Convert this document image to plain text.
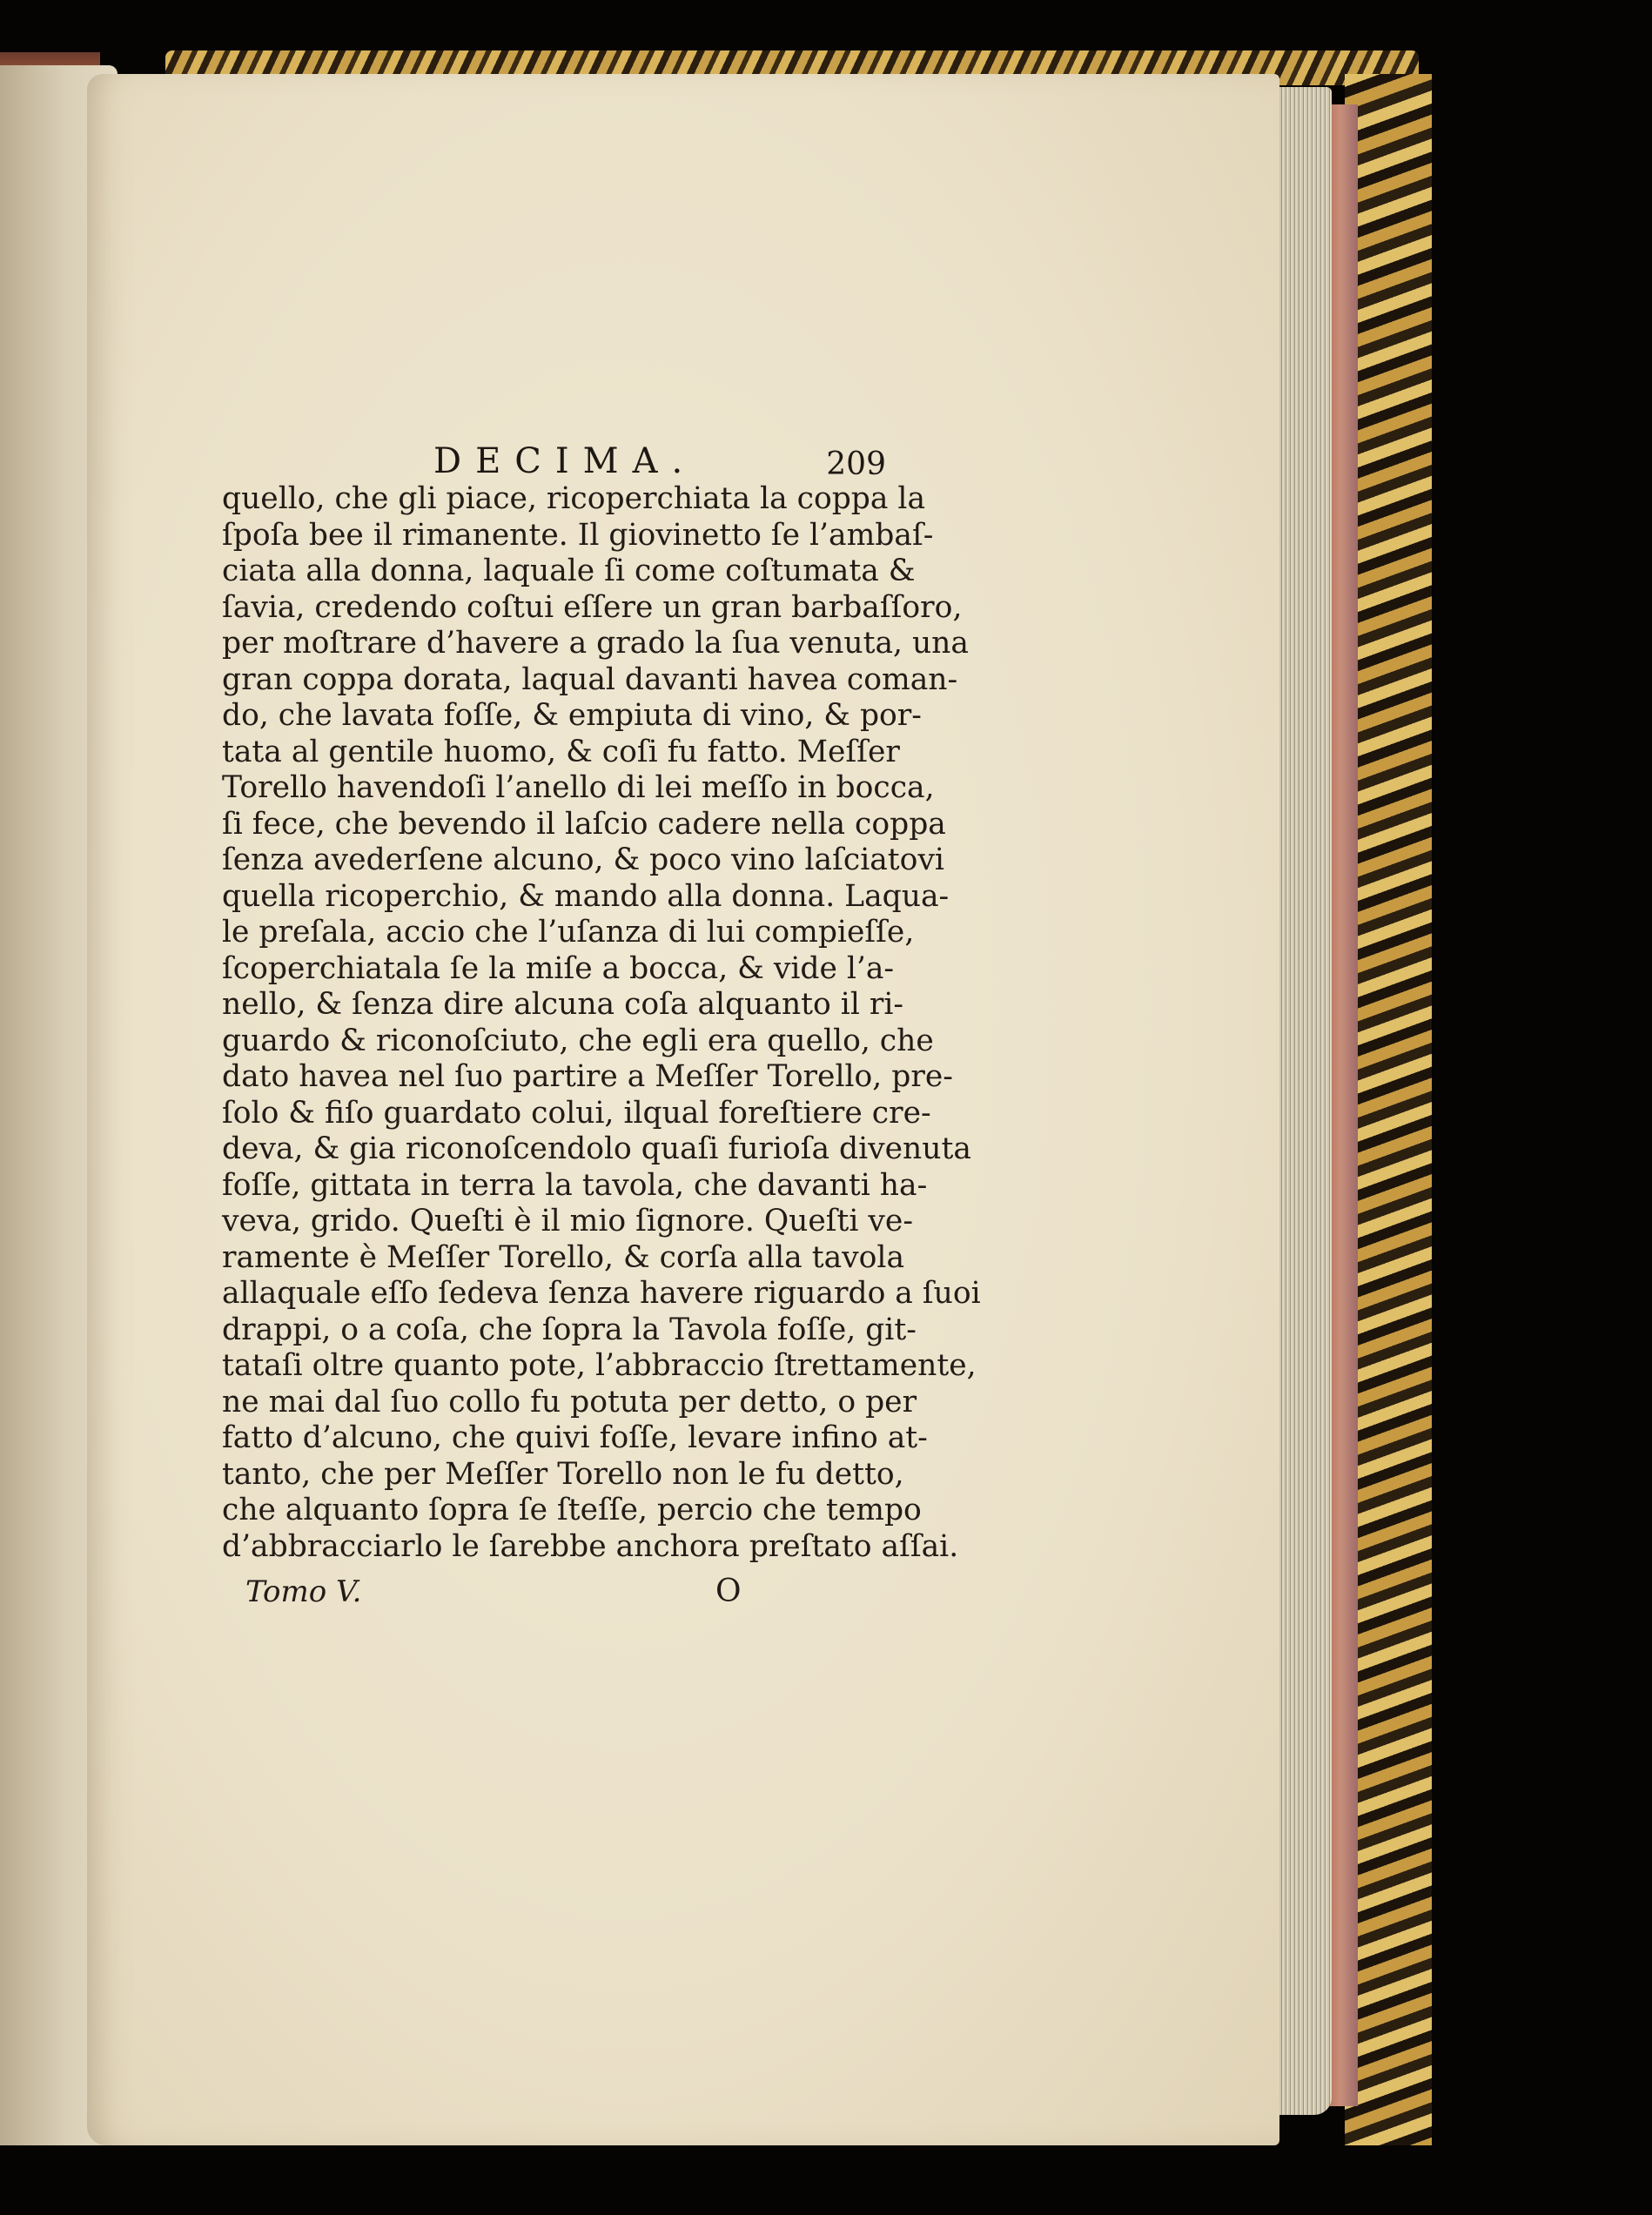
DECIMA.	209
quello, che gli piace, ricoperchiata la coppa la
ſpoſa bee il rimanente. Il giovinetto ſe l’ambaſ-
ciata alla donna, laquale ſi come coſtumata &
ſavia, credendo coſtui eſſere un gran barbaſſoro,
per moſtrare d’havere a grado la ſua venuta, una
gran coppa dorata, laqual davanti havea coman-
do, che lavata foſſe, & empiuta di vino, & por-
tata al gentile huomo, & coſi fu fatto. Meſſer
Torello havendoſi l’anello di lei meſſo in bocca,
ſi fece, che bevendo il laſcio cadere nella coppa
ſenza avederſene alcuno, & poco vino laſciatovi
quella ricoperchio, & mando alla donna. Laqua-
le preſala, accio che l’uſanza di lui compieſſe,
ſcoperchiatala ſe la miſe a bocca, & vide l’a-
nello, & ſenza dire alcuna coſa alquanto il ri-
guardo & riconoſciuto, che egli era quello, che
dato havea nel ſuo partire a Meſſer Torello, pre-
ſolo & fiſo guardato colui, ilqual foreſtiere cre-
deva, & gia riconoſcendolo quaſi furioſa divenuta
foſſe, gittata in terra la tavola, che davanti ha-
veva, grido. Queſti è il mio ſignore. Queſti ve-
ramente è Meſſer Torello, & corſa alla tavola
allaquale eſſo ſedeva ſenza havere riguardo a ſuoi
drappi, o a coſa, che ſopra la Tavola foſſe, git-
tataſi oltre quanto pote, l’abbraccio ſtrettamente,
ne mai dal ſuo collo fu potuta per detto, o per
fatto d’alcuno, che quivi foſſe, levare infino at-
tanto, che per Meſſer Torello non le fu detto,
che alquanto ſopra ſe ſteſſe, percio che tempo
d’abbracciarlo le ſarebbe anchora preſtato aſſai.
Tomo V.	O
